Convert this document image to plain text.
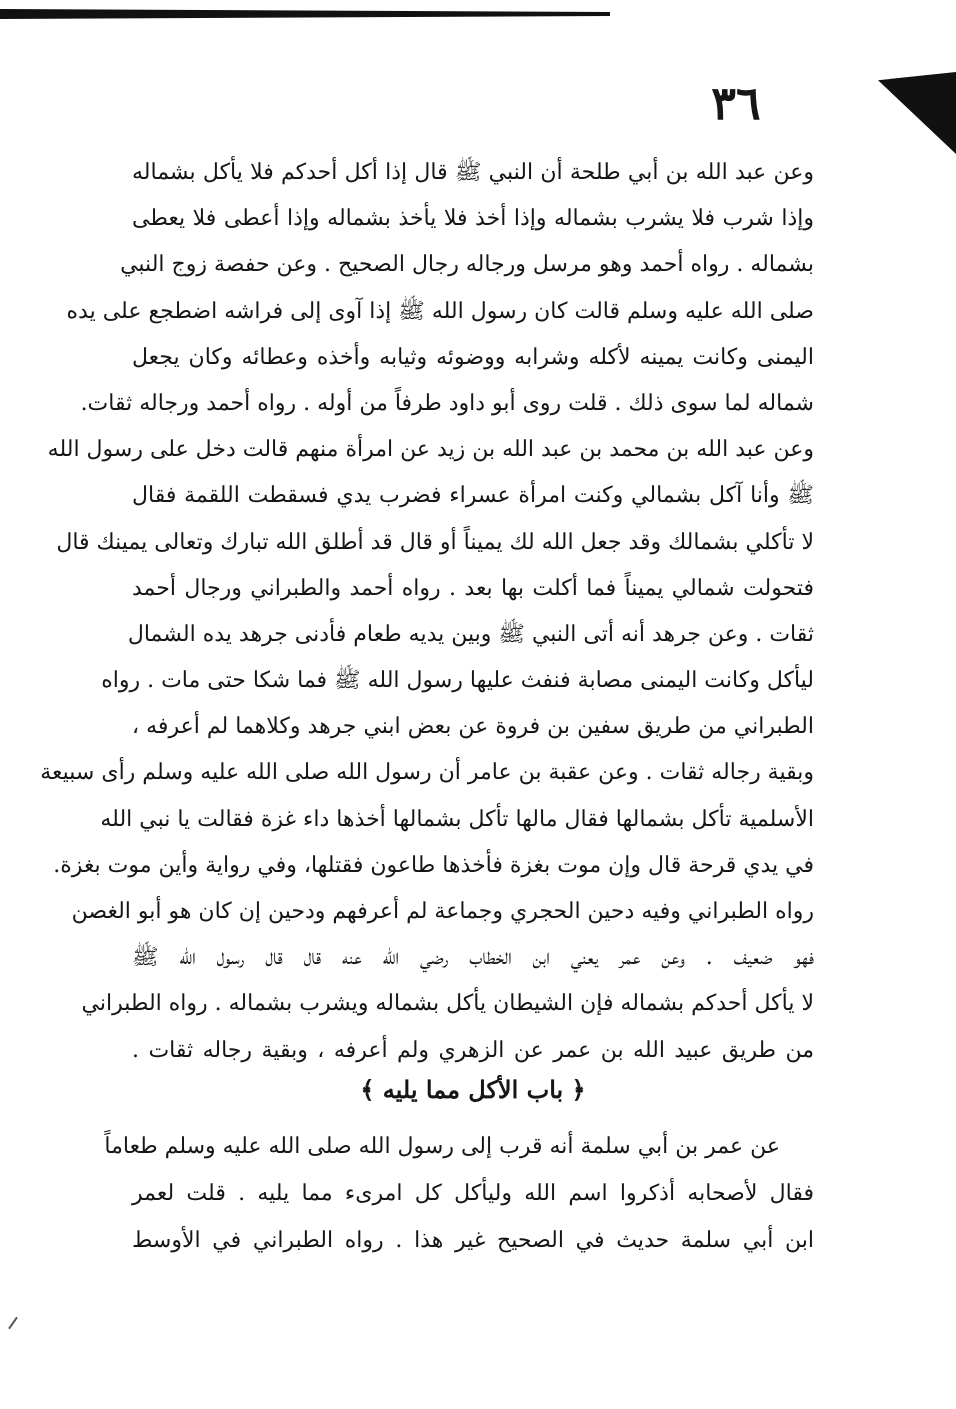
٣٦
وعن عبد الله بن أبي طلحة أن النبي ﷺ قال إذا أكل أحدكم فلا يأكل بشماله
وإذا شرب فلا يشرب بشماله وإذا أخذ فلا يأخذ بشماله وإذا أعطى فلا يعطى
بشماله . رواه أحمد وهو مرسل ورجاله رجال الصحيح . وعن حفصة زوج النبي
صلى الله عليه وسلم قالت كان رسول الله ﷺ إذا آوى إلى فراشه اضطجع على يده
اليمنى وكانت يمينه لأكله وشرابه ووضوئه وثيابه وأخذه وعطائه وكان يجعل
شماله لما سوى ذلك . قلت روى أبو داود طرفاً من أوله . رواه أحمد ورجاله ثقات.
وعن عبد الله بن محمد بن عبد الله بن زيد عن امرأة منهم قالت دخل على رسول الله
ﷺ وأنا آكل بشمالي وكنت امرأة عسراء فضرب يدي فسقطت اللقمة فقال
لا تأكلي بشمالك وقد جعل الله لك يميناً أو قال قد أطلق الله تبارك وتعالى يمينك قال
فتحولت شمالي يميناً فما أكلت بها بعد . رواه أحمد والطبراني ورجال أحمد
ثقات . وعن جرهد أنه أتى النبي ﷺ وبين يديه طعام فأدنى جرهد يده الشمال
ليأكل وكانت اليمنى مصابة فنفث عليها رسول الله ﷺ فما شكا حتى مات . رواه
الطبراني من طريق سفين بن فروة عن بعض ابني جرهد وكلاهما لم أعرفه ،
وبقية رجاله ثقات . وعن عقبة بن عامر أن رسول الله صلى الله عليه وسلم رأى سبيعة
الأسلمية تأكل بشمالها فقال مالها تأكل بشمالها أخذها داء غزة فقالت يا نبي الله
في يدي قرحة قال وإن موت بغزة فأخذها طاعون فقتلها، وفي رواية وأين موت بغزة.
رواه الطبراني وفيه دحين الحجري وجماعة لم أعرفهم ودحين إن كان هو أبو الغصن
فهو ضعيف . وعن عمر يعني ابن الخطاب رضي الله عنه قال قال رسول الله ﷺ
لا يأكل أحدكم بشماله فإن الشيطان يأكل بشماله ويشرب بشماله . رواه الطبراني
من طريق عبيد الله بن عمر عن الزهري ولم أعرفه ، وبقية رجاله ثقات .
﴿ باب الأكل مما يليه ﴾
عن عمر بن أبي سلمة أنه قرب إلى رسول الله صلى الله عليه وسلم طعاماً
فقال لأصحابه أذكروا اسم الله وليأكل كل امرىء مما يليه . قلت لعمر
ابن أبي سلمة حديث في الصحيح غير هذا . رواه الطبراني في الأوسط
